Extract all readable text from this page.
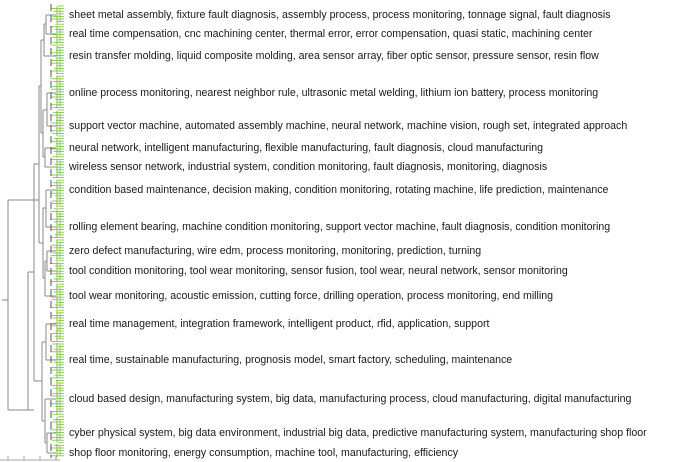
sheet metal assembly, fixture fault diagnosis, assembly process, process monitoring, tonnage signal, fault diagnosis
real time compensation, cnc machining center, thermal error, error compensation, quasi static, machining center
resin transfer molding, liquid composite molding, area sensor array, fiber optic sensor, pressure sensor, resin flow
online process monitoring, nearest neighbor rule, ultrasonic metal welding, lithium ion battery, process monitoring
support vector machine, automated assembly machine, neural network, machine vision, rough set, integrated approach
neural network, intelligent manufacturing, flexible manufacturing, fault diagnosis, cloud manufacturing
wireless sensor network, industrial system, condition monitoring, fault diagnosis, monitoring, diagnosis
condition based maintenance, decision making, condition monitoring, rotating machine, life prediction, maintenance
rolling element bearing, machine condition monitoring, support vector machine, fault diagnosis, condition monitoring
zero defect manufacturing, wire edm, process monitoring, monitoring, prediction, turning
tool condition monitoring, tool wear monitoring, sensor fusion, tool wear, neural network, sensor monitoring
tool wear monitoring, acoustic emission, cutting force, drilling operation, process monitoring, end milling
real time management, integration framework, intelligent product, rfid, application, support
real time, sustainable manufacturing, prognosis model, smart factory, scheduling, maintenance
cloud based design, manufacturing system, big data, manufacturing process, cloud manufacturing, digital manufacturing
cyber physical system, big data environment, industrial big data, predictive manufacturing system, manufacturing shop floor
shop floor monitoring, energy consumption, machine tool, manufacturing, efficiency
